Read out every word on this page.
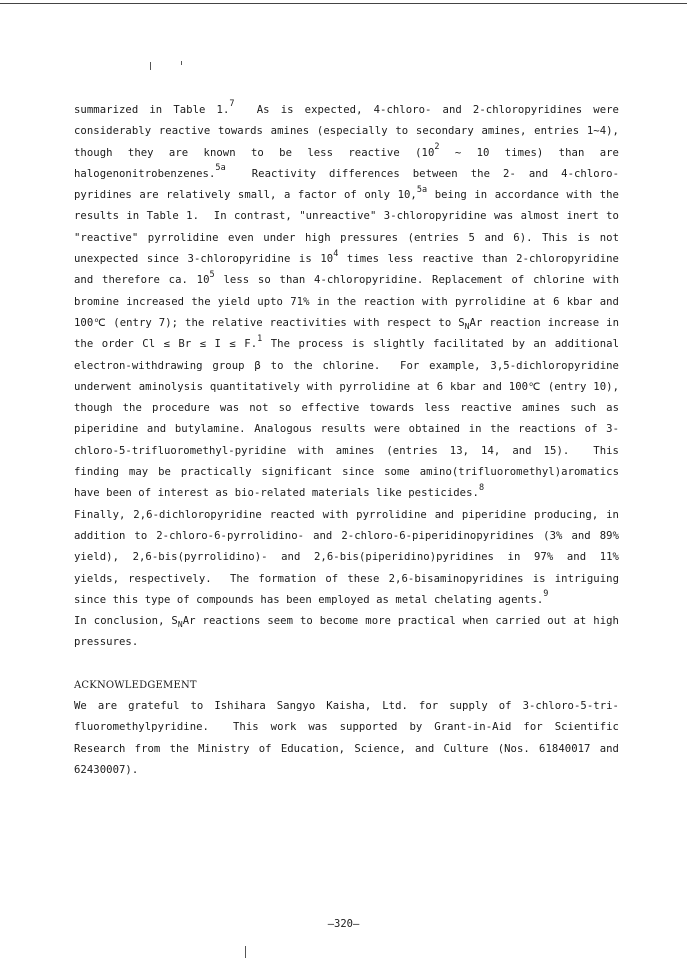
summarized in Table 1.$^7$  As is expected, 4-chloro- and 2-chloropyridines were considerably reactive towards amines (especially to secondary amines, entries 1~4), though they are known to be less reactive ($10^2$ ~ 10 times) than are halogenonitrobenzenes.$^{5a}$  Reactivity differences between the 2- and 4-chloro-pyridines are relatively small, a factor of only 10,$^{5a}$ being in accordance with the results in Table 1.  In contrast, "unreactive" 3-chloropyridine was almost inert to "reactive" pyrrolidine even under high pressures (entries 5 and 6). This is not unexpected since 3-chloropyridine is $10^4$ times less reactive than 2-chloropyridine and therefore ca. $10^5$ less so than 4-chloropyridine. Replacement of chlorine with bromine increased the yield upto 71% in the reaction with pyrrolidine at 6 kbar and 100℃ (entry 7); the relative reactivities with respect to $S_NAr$ reaction increase in the order Cl ≤ Br ≤ I ≤ F.$^1$ The process is slightly facilitated by an additional electron-withdrawing group β to the chlorine.  For example, 3,5-dichloropyridine underwent aminolysis quantitatively with pyrrolidine at 6 kbar and 100℃ (entry 10), though the procedure was not so effective towards less reactive amines such as piperidine and butylamine. Analogous results were obtained in the reactions of 3-chloro-5-trifluoromethyl-pyridine with amines (entries 13, 14, and 15).  This finding may be practically significant since some amino(trifluoromethyl)aromatics have been of interest as bio-related materials like pesticides.$^8$

Finally, 2,6-dichloropyridine reacted with pyrrolidine and piperidine producing, in addition to 2-chloro-6-pyrrolidino- and 2-chloro-6-piperidinopyridines (3% and 89% yield), 2,6-bis(pyrrolidino)- and 2,6-bis(piperidino)pyridines in 97% and 11% yields, respectively.  The formation of these 2,6-bisaminopyridines is intriguing since this type of compounds has been employed as metal chelating agents.$^9$

In conclusion, $S_NAr$ reactions seem to become more practical when carried out at high pressures.

ACKNOWLEDGEMENT

We are grateful to Ishihara Sangyo Kaisha, Ltd. for supply of 3-chloro-5-tri-fluoromethylpyridine.  This work was supported by Grant-in-Aid for Scientific Research from the Ministry of Education, Science, and Culture (Nos. 61840017 and 62430007).

—320—
